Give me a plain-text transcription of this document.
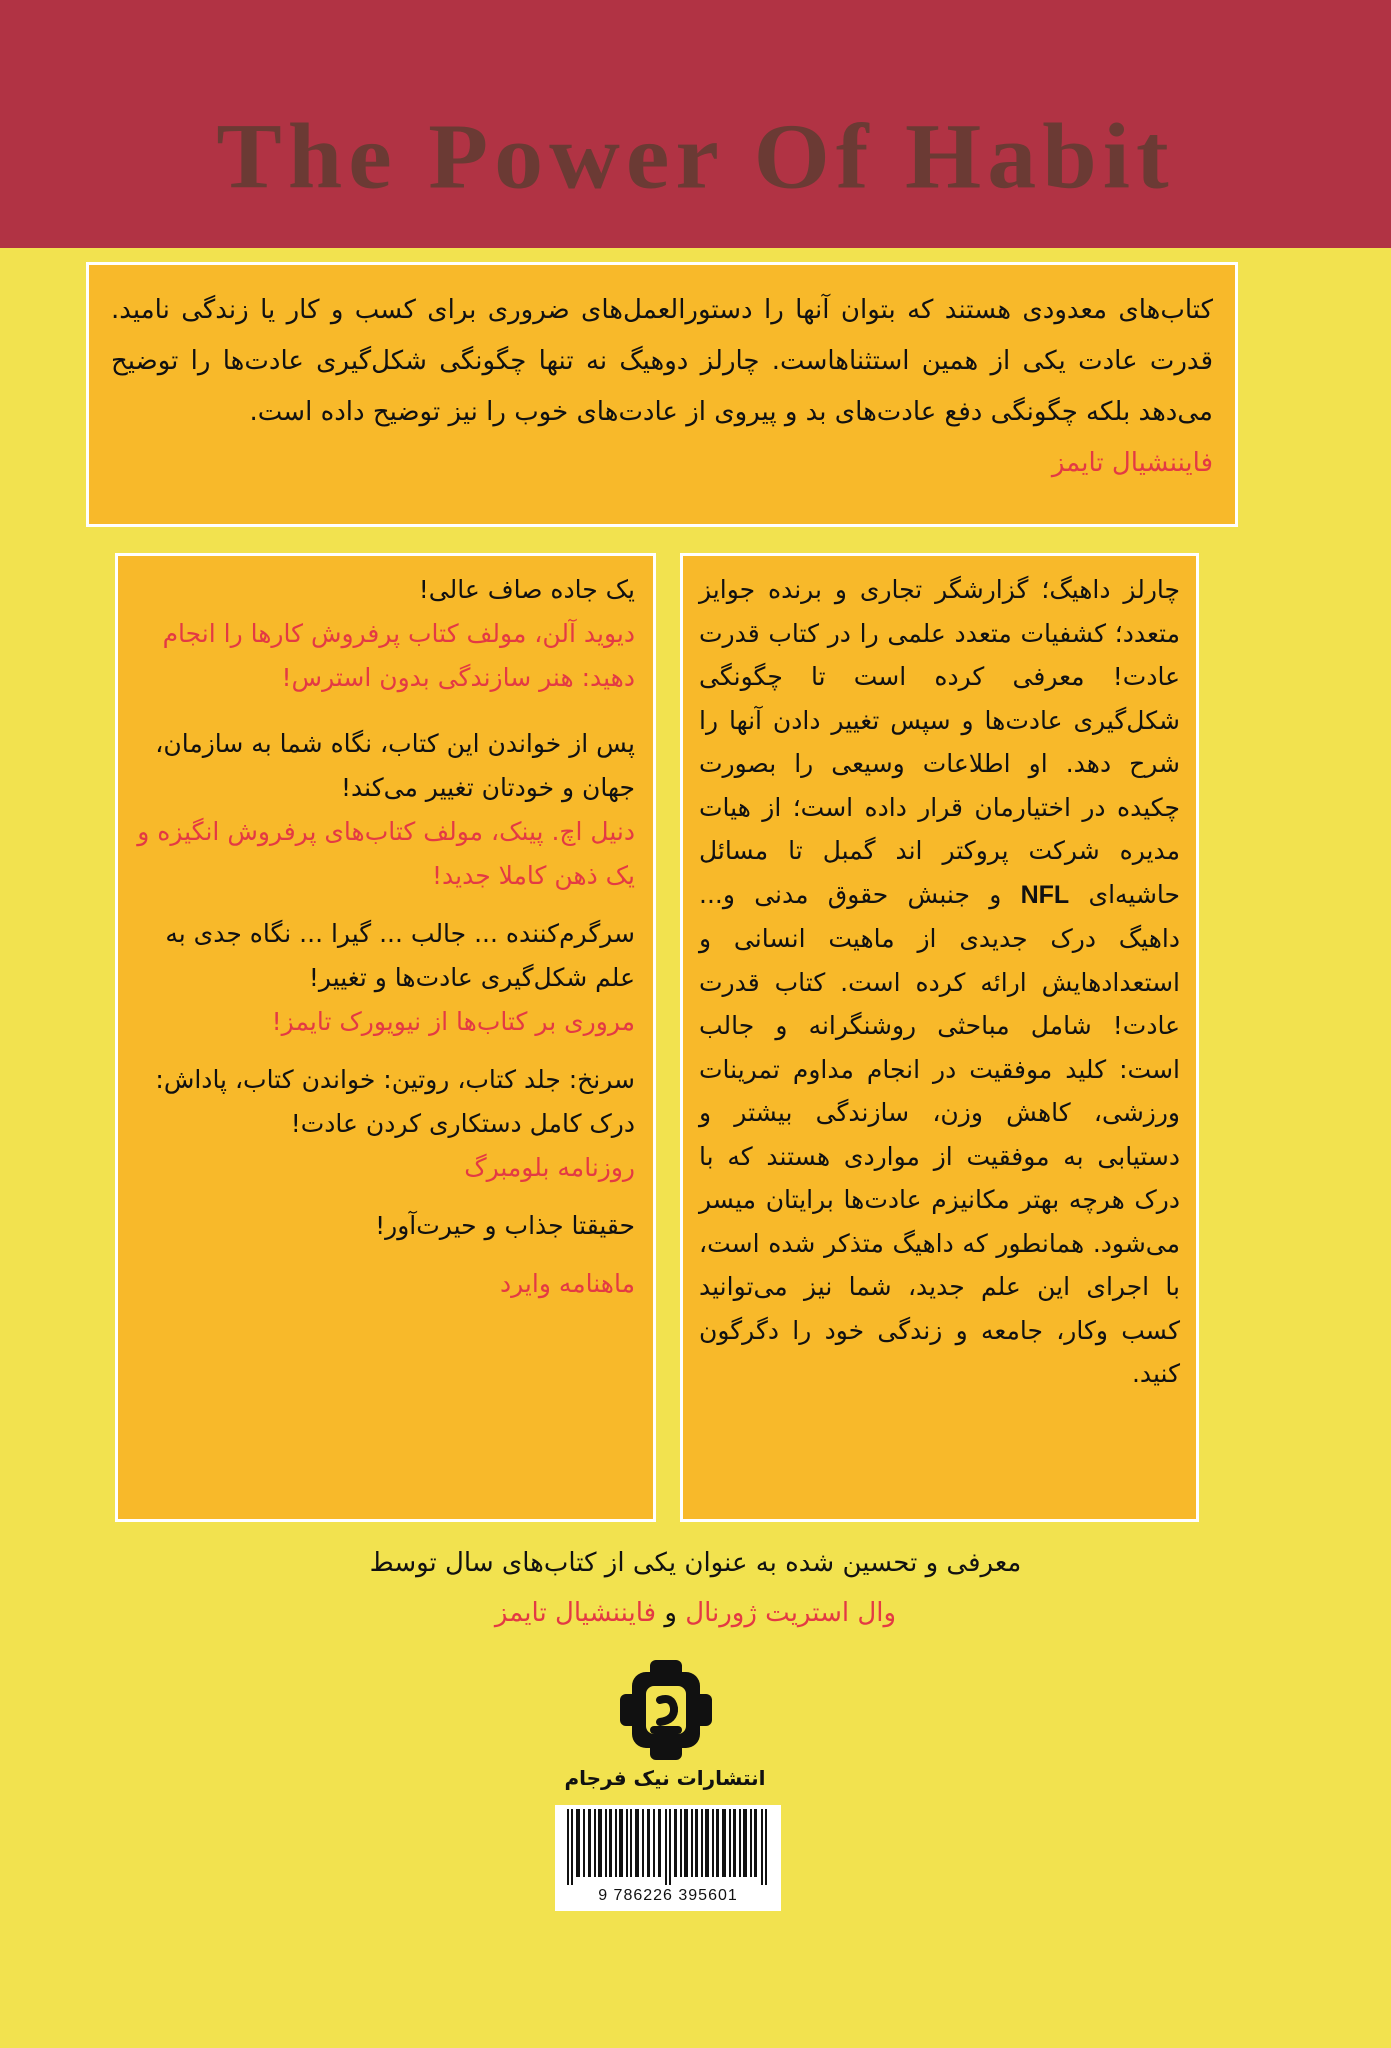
The Power Of Habit

کتاب‌های معدودی هستند که بتوان آنها را دستورالعمل‌های ضروری برای کسب و کار یا زندگی نامید. قدرت عادت یکی از همین استثناهاست. چارلز دوهیگ نه تنها چگونگی شکل‌گیری عادت‌ها را توضیح می‌دهد بلکه چگونگی دفع عادت‌های بد و پیروی از عادت‌های خوب را نیز توضیح داده است.

فایننشیال تایمز

چارلز داهیگ؛ گزارشگر تجاری و برنده جوایز متعدد؛ کشفیات متعدد علمی را در کتاب قدرت عادت! معرفی کرده است تا چگونگی شکل‌گیری عادت‌ها و سپس تغییر دادن آنها را شرح دهد. او اطلاعات وسیعی را بصورت چکیده در اختیارمان قرار داده است؛ از هیات مدیره شرکت پروکتر اند گمبل تا مسائل حاشیه‌ای NFL و جنبش حقوق مدنی و... داهیگ درک جدیدی از ماهیت انسانی و استعدادهایش ارائه کرده است. کتاب قدرت عادت! شامل مباحثی روشنگرانه و جالب است: کلید موفقیت در انجام مداوم تمرینات ورزشی، کاهش وزن، سازندگی بیشتر و دستیابی به موفقیت از مواردی هستند که با درک هرچه بهتر مکانیزم عادت‌ها برایتان میسر می‌شود. همانطور که داهیگ متذکر شده است، با اجرای این علم جدید، شما نیز می‌توانید کسب وکار، جامعه و زندگی خود را دگرگون کنید.

یک جاده صاف عالی!

دیوید آلن، مولف کتاب پرفروش کارها را انجام دهید: هنر سازندگی بدون استرس!

پس از خواندن این کتاب، نگاه شما به سازمان، جهان و خودتان تغییر می‌کند!

دنیل اچ. پینک، مولف کتاب‌های پرفروش انگیزه و یک ذهن کاملا جدید!

سرگرم‌کننده ... جالب ... گیرا ... نگاه جدی به علم شکل‌گیری عادت‌ها و تغییر!

مروری بر کتاب‌ها از نیویورک تایمز!

سرنخ: جلد کتاب، روتین: خواندن کتاب، پاداش: درک کامل دستکاری کردن عادت!

روزنامه بلومبرگ

حقیقتا جذاب و حیرت‌آور!

ماهنامه وایرد

معرفی و تحسین شده به عنوان یکی از کتاب‌های سال توسط
وال استریت ژورنال و فایننشیال تایمز
انتشارات نیک فرجام
9 786226 395601
